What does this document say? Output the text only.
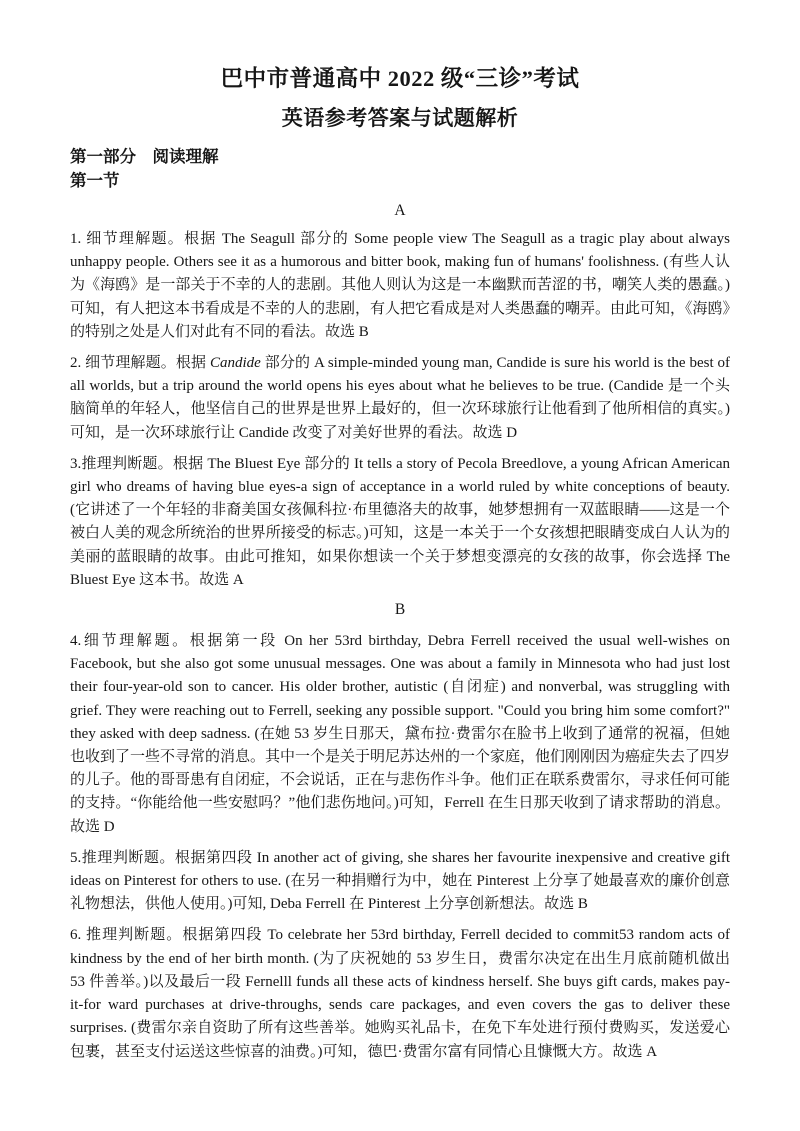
巴中市普通高中 2022 级“三诊”考试
英语参考答案与试题解析
第一部分　阅读理解
第一节
A

1. 细节理解题。根据 The Seagull 部分的 Some people view The Seagull as a tragic play about always unhappy people. Others see it as a humorous and bitter book, making fun of humans' foolishness. (有些人认为《海鸥》是一部关于不幸的人的悲剧。其他人则认为这是一本幽默而苦涩的书，嘲笑人类的愚蠢。)可知，有人把这本书看成是不幸的人的悲剧，有人把它看成是对人类愚蠢的嘲弄。由此可知，《海鸥》的特别之处是人们对此有不同的看法。故选 B

2. 细节理解题。根据 Candide 部分的 A simple-minded young man, Candide is sure his world is the best of all worlds, but a trip around the world opens his eyes about what he believes to be true. (Candide 是一个头脑简单的年轻人，他坚信自己的世界是世界上最好的，但一次环球旅行让他看到了他所相信的真实。)可知，是一次环球旅行让 Candide 改变了对美好世界的看法。故选 D

3.推理判断题。根据 The Bluest Eye 部分的 It tells a story of Pecola Breedlove, a young African American girl who dreams of having blue eyes-a sign of acceptance in a world ruled by white conceptions of beauty. (它讲述了一个年轻的非裔美国女孩佩科拉·布里德洛夫的故事，她梦想拥有一双蓝眼睛——这是一个被白人美的观念所统治的世界所接受的标志。)可知，这是一本关于一个女孩想把眼睛变成白人认为的美丽的蓝眼睛的故事。由此可推知，如果你想读一个关于梦想变漂亮的女孩的故事，你会选择 The Bluest Eye 这本书。故选 A

B

4.细节理解题。根据第一段 On her 53rd birthday, Debra Ferrell received the usual well-wishes on Facebook, but she also got some unusual messages. One was about a family in Minnesota who had just lost their four-year-old son to cancer. His older brother, autistic (自闭症) and nonverbal, was struggling with grief. They were reaching out to Ferrell, seeking any possible support. "Could you bring him some comfort?" they asked with deep sadness. (在她 53 岁生日那天，黛布拉·费雷尔在脸书上收到了通常的祝福，但她也收到了一些不寻常的消息。其中一个是关于明尼苏达州的一个家庭，他们刚刚因为癌症失去了四岁的儿子。他的哥哥患有自闭症，不会说话，正在与悲伤作斗争。他们正在联系费雷尔，寻求任何可能的支持。“你能给他一些安慰吗？”他们悲伤地问。)可知，Ferrell 在生日那天收到了请求帮助的消息。故选 D

5.推理判断题。根据第四段 In another act of giving, she shares her favourite inexpensive and creative gift ideas on Pinterest for others to use. (在另一种捐赠行为中，她在 Pinterest 上分享了她最喜欢的廉价创意礼物想法，供他人使用。)可知, Deba Ferrell 在 Pinterest 上分享创新想法。故选 B

6. 推理判断题。根据第四段 To celebrate her 53rd birthday, Ferrell decided to commit53 random acts of kindness by the end of her birth month. (为了庆祝她的 53 岁生日，费雷尔决定在出生月底前随机做出 53 件善举。)以及最后一段 Fernelll funds all these acts of kindness herself. She buys gift cards, makes pay-it-for ward purchases at drive-throughs, sends care packages, and even covers the gas to deliver these surprises. (费雷尔亲自资助了所有这些善举。她购买礼品卡，在免下车处进行预付费购买，发送爱心包裹，甚至支付运送这些惊喜的油费。)可知，德巴·费雷尔富有同情心且慷慨大方。故选 A
